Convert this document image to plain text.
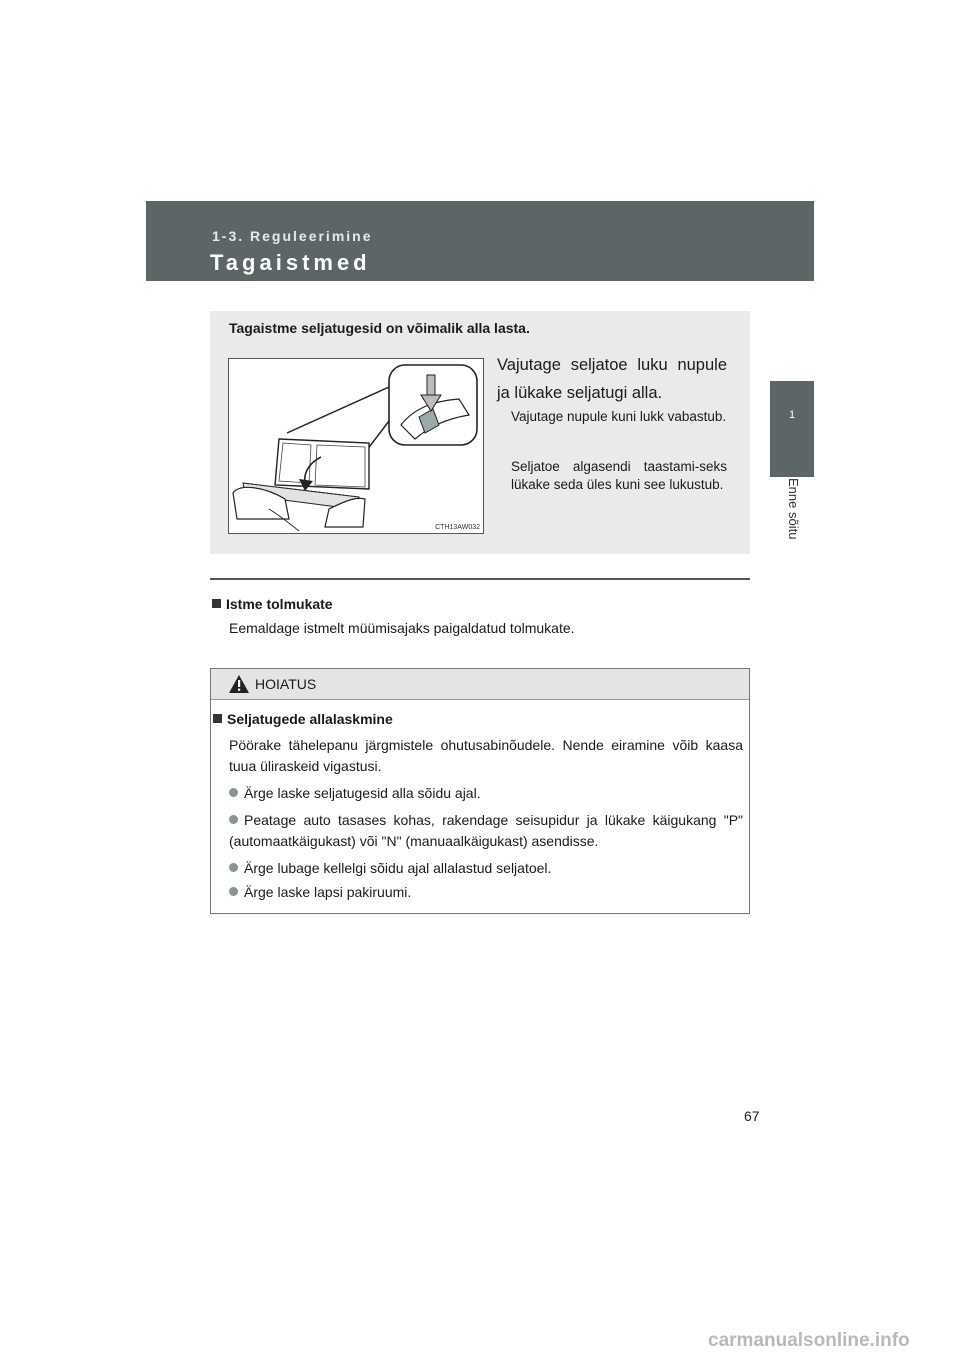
1-3. Reguleerimine
Tagaistmed
1
Enne sõitu
Tagaistme seljatugesid on võimalik alla lasta.
CTH13AW032
Vajutage seljatoe luku nupule ja lükake seljatugi alla.
Vajutage nupule kuni lukk vabastub.
Seljatoe algasendi taastami-seks lükake seda üles kuni see lukustub.
Istme tolmukate
Eemaldage istmelt müümisajaks paigaldatud tolmukate.
HOIATUS
Seljatugede allalaskmine
Pöörake tähelepanu järgmistele ohutusabinõudele. Nende eiramine võib kaasa tuua üliraskeid vigastusi.
Ärge laske seljatugesid alla sõidu ajal.
Peatage auto tasases kohas, rakendage seisupidur ja lükake käigukang "P" (automaatkäigukast) või "N" (manuaalkäigukast) asendisse.
Ärge lubage kellelgi sõidu ajal allalastud seljatoel.
Ärge laske lapsi pakiruumi.
67
carmanualsonline.info
